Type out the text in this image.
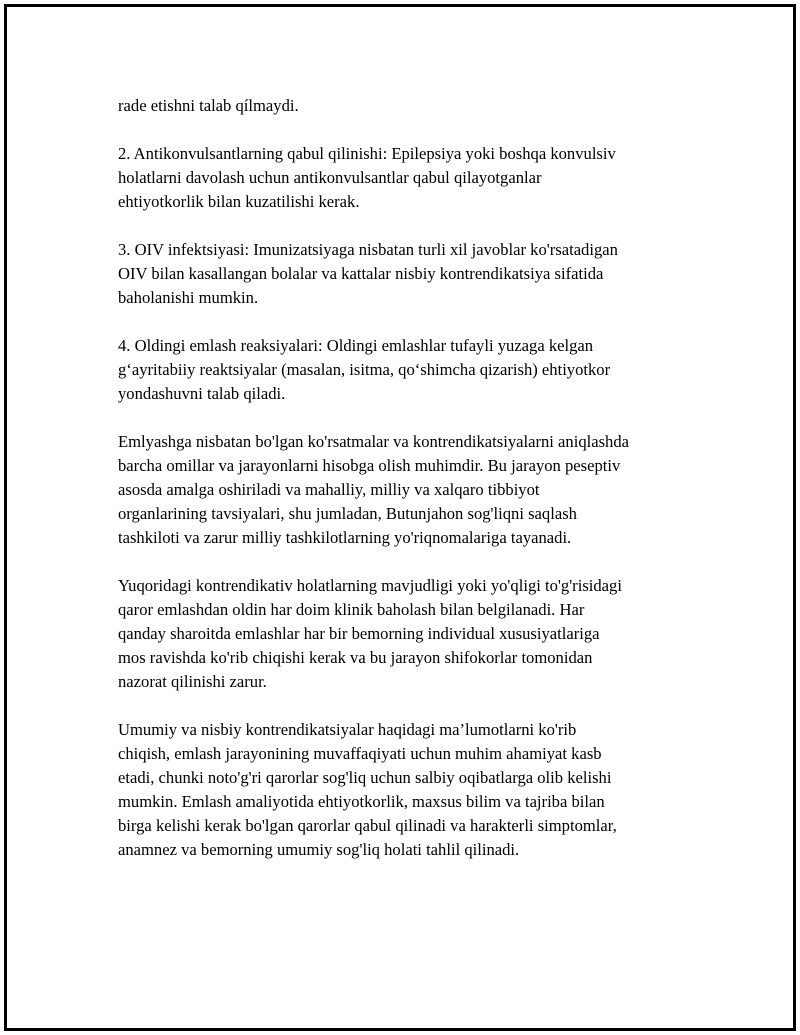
rade etishni talab qílmaydi.

2. Antikonvulsantlarning qabul qilinishi: Epilepsiya yoki boshqa konvulsiv
holatlarni davolash uchun antikonvulsantlar qabul qilayotganlar
ehtiyotkorlik bilan kuzatilishi kerak.

3. OIV infektsiyasi: Imunizatsiyaga nisbatan turli xil javoblar ko'rsatadigan
OIV bilan kasallangan bolalar va kattalar nisbiy kontrendikatsiya sifatida
baholanishi mumkin.

4. Oldingi emlash reaksiyalari: Oldingi emlashlar tufayli yuzaga kelgan
g‘ayritabiiy reaktsiyalar (masalan, isitma, qo‘shimcha qizarish) ehtiyotkor
yondashuvni talab qiladi.

Emlyashga nisbatan bo'lgan ko'rsatmalar va kontrendikatsiyalarni aniqlashda
barcha omillar va jarayonlarni hisobga olish muhimdir. Bu jarayon peseptiv
asosda amalga oshiriladi va mahalliy, milliy va xalqaro tibbiyot
organlarining tavsiyalari, shu jumladan, Butunjahon sog'liqni saqlash
tashkiloti va zarur milliy tashkilotlarning yo'riqnomalariga tayanadi.

Yuqoridagi kontrendikativ holatlarning mavjudligi yoki yo'qligi to'g'risidagi
qaror emlashdan oldin har doim klinik baholash bilan belgilanadi. Har
qanday sharoitda emlashlar har bir bemorning individual xususiyatlariga
mos ravishda ko'rib chiqishi kerak va bu jarayon shifokorlar tomonidan
nazorat qilinishi zarur.

Umumiy va nisbiy kontrendikatsiyalar haqidagi ma’lumotlarni ko'rib
chiqish, emlash jarayonining muvaffaqiyati uchun muhim ahamiyat kasb
etadi, chunki noto'g'ri qarorlar sog'liq uchun salbiy oqibatlarga olib kelishi
mumkin. Emlash amaliyotida ehtiyotkorlik, maxsus bilim va tajriba bilan
birga kelishi kerak bo'lgan qarorlar qabul qilinadi va harakterli simptomlar,
anamnez va bemorning umumiy sog'liq holati tahlil qilinadi.
